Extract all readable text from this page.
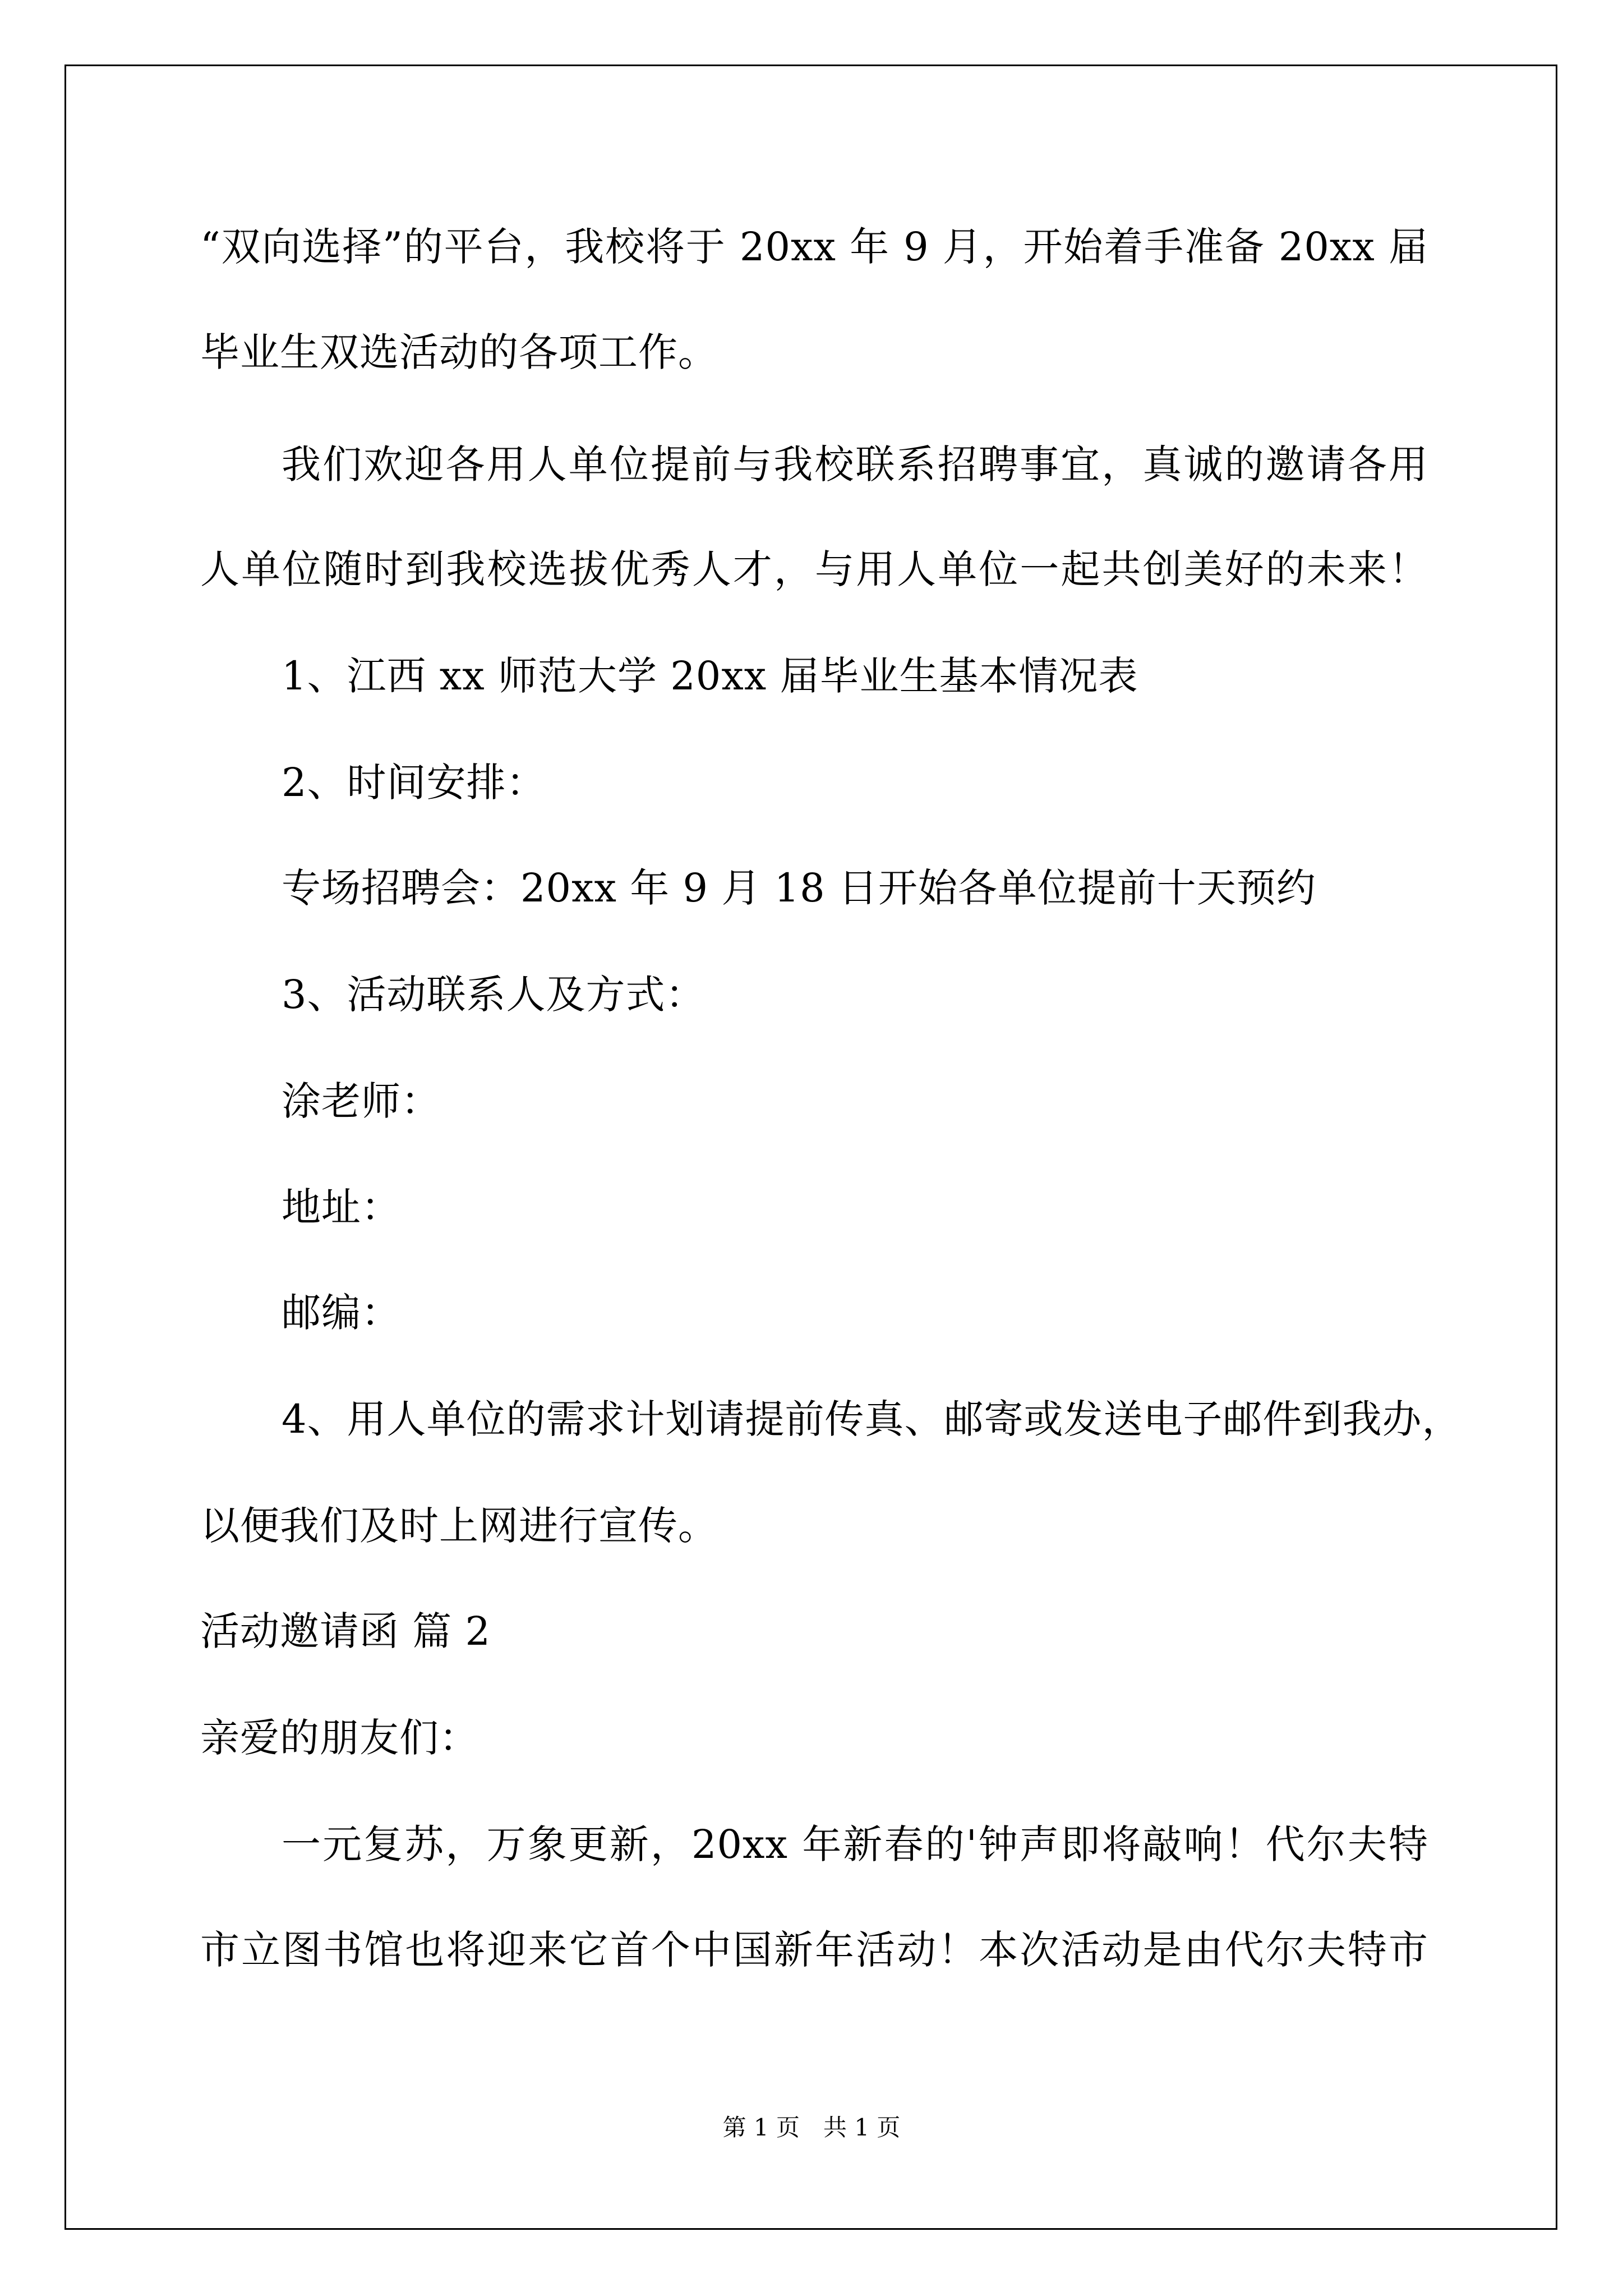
“双向选择”的平台，我校将于 20xx 年 9 月，开始着手准备 20xx 届
毕业生双选活动的各项工作。
我们欢迎各用人单位提前与我校联系招聘事宜，真诚的邀请各用
人单位随时到我校选拔优秀人才，与用人单位一起共创美好的未来！
1、江西 xx 师范大学 20xx 届毕业生基本情况表
2、时间安排：
专场招聘会：20xx 年 9 月 18 日开始各单位提前十天预约
3、活动联系人及方式：
涂老师：
地址：
邮编：
4、用人单位的需求计划请提前传真、邮寄或发送电子邮件到我办，
以便我们及时上网进行宣传。
活动邀请函 篇 2
亲爱的朋友们：
一元复苏，万象更新，20xx 年新春的'钟声即将敲响！代尔夫特
市立图书馆也将迎来它首个中国新年活动！本次活动是由代尔夫特市
第 1 页　共 1 页
